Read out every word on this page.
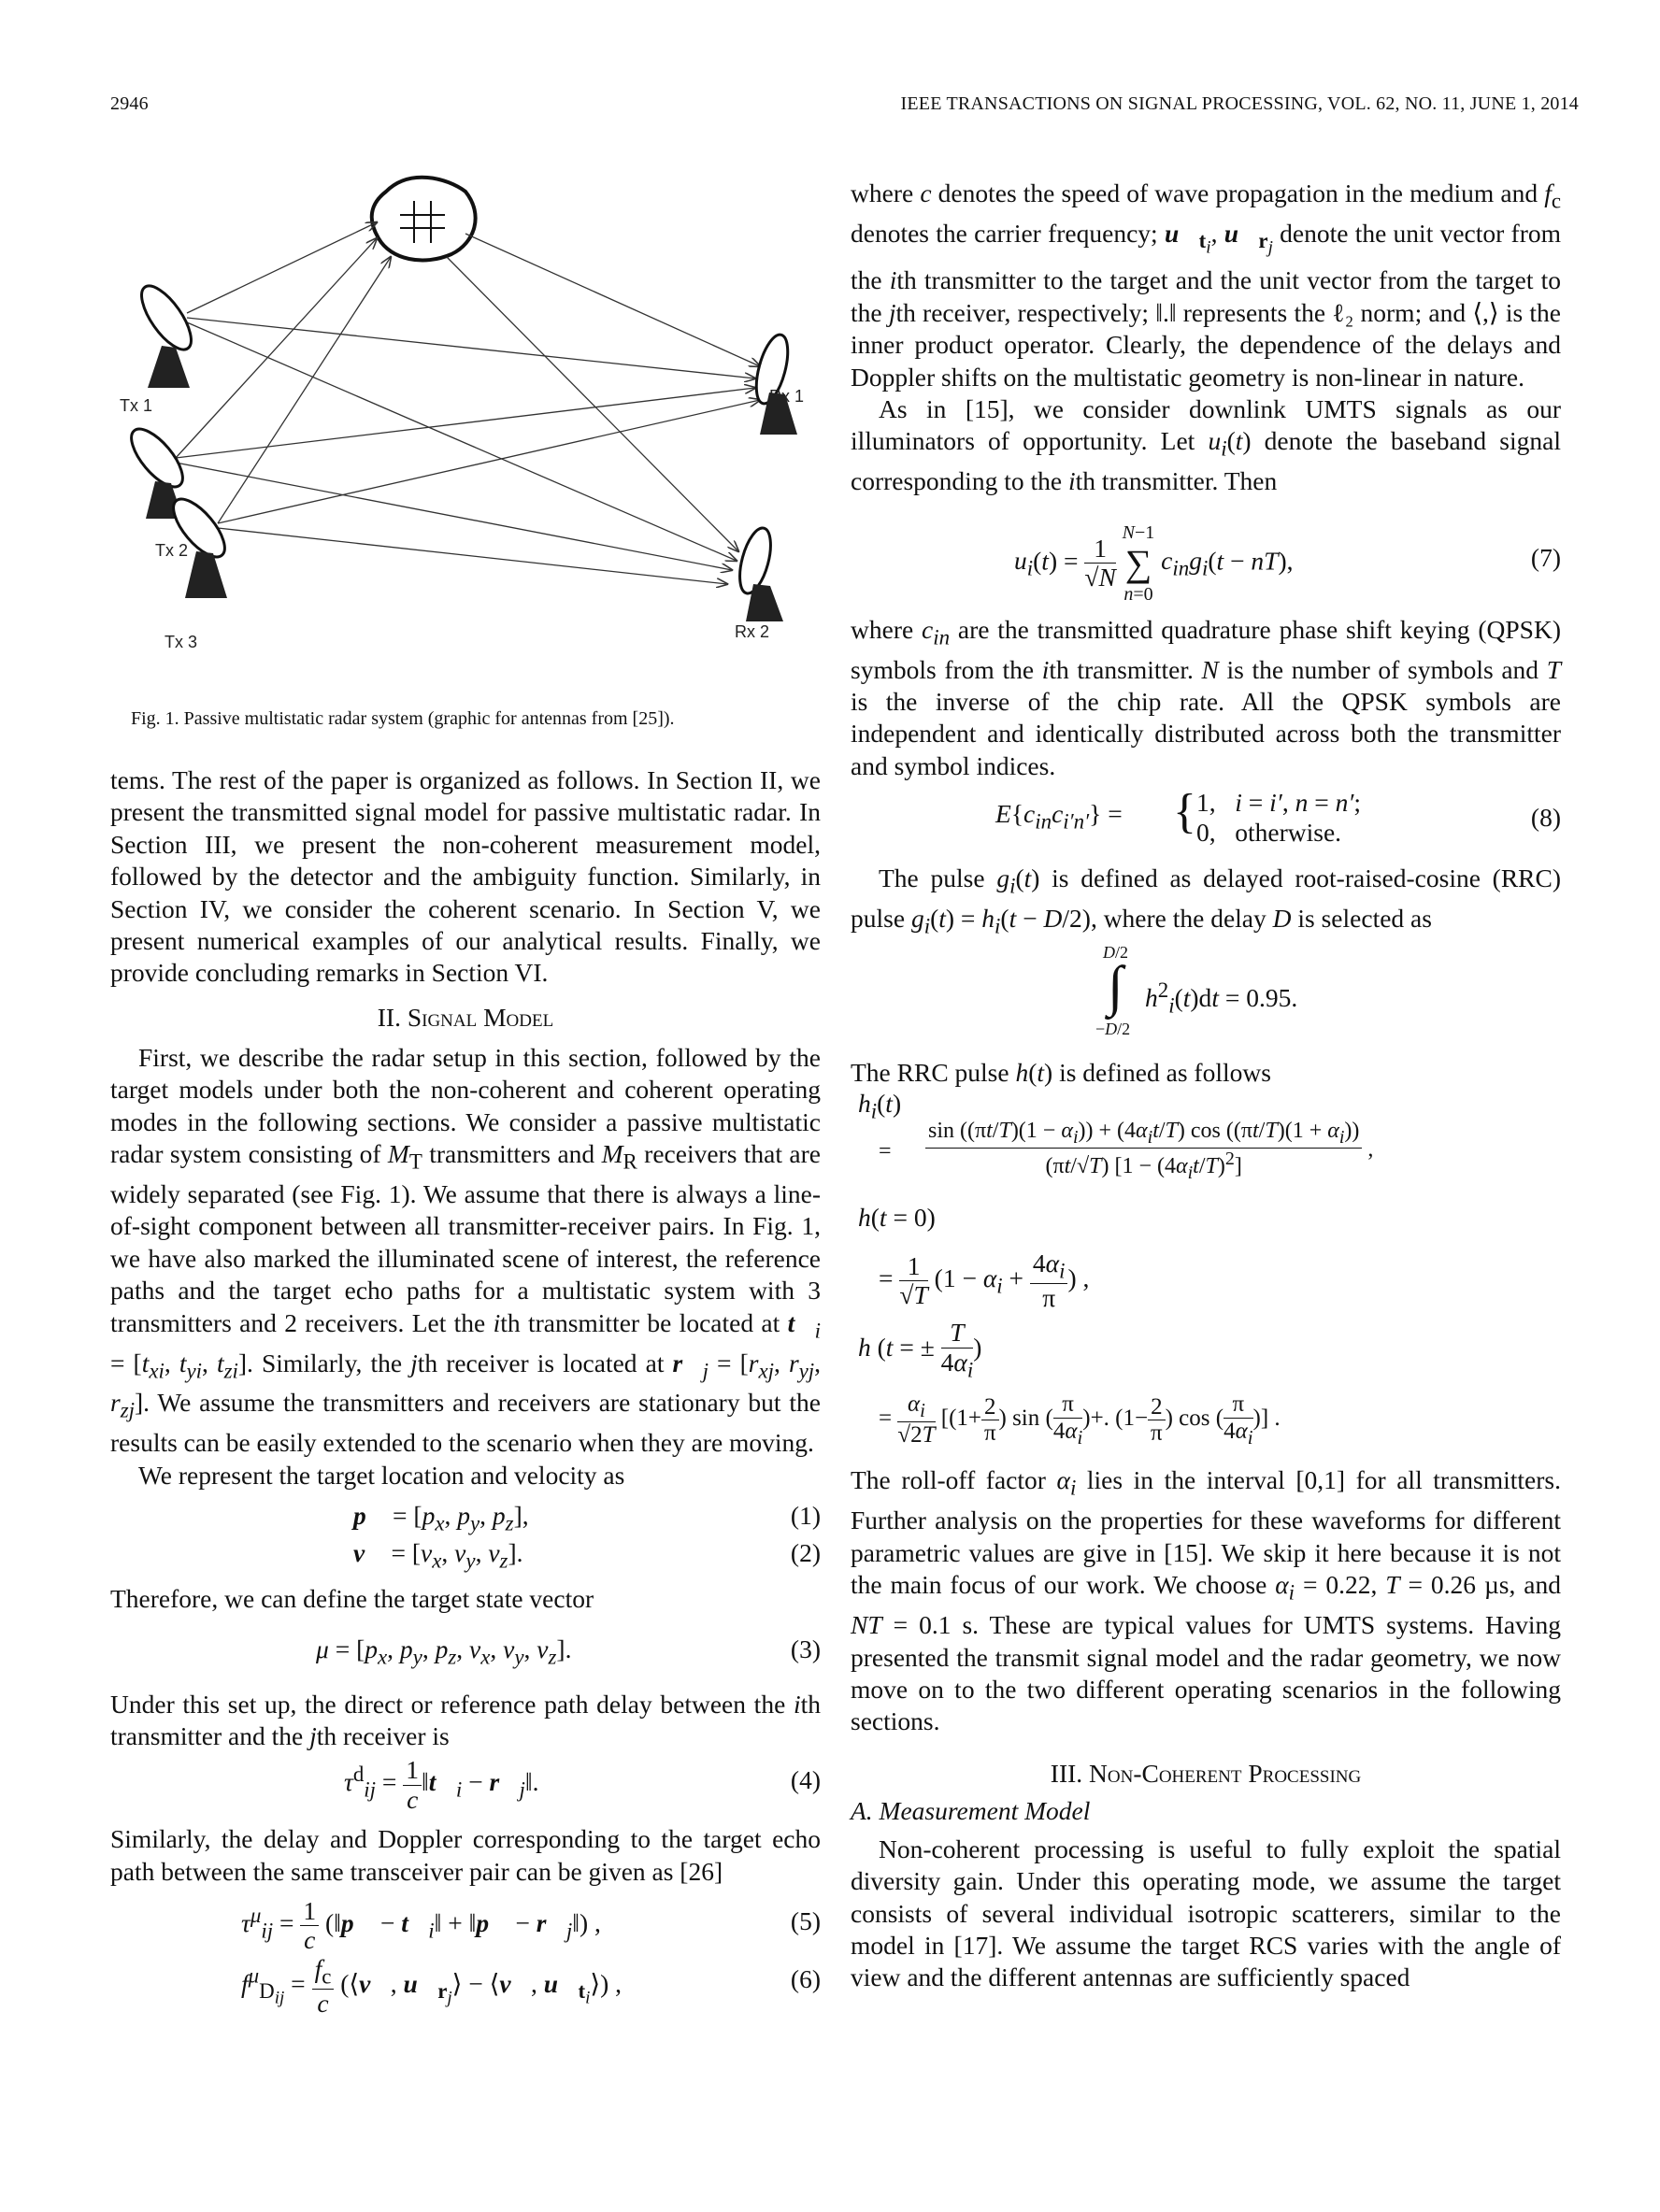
2946	IEEE TRANSACTIONS ON SIGNAL PROCESSING, VOL. 62, NO. 11, JUNE 1, 2014
Tx 1
Tx 2
Tx 3
Rx 1
Rx 2
Fig. 1. Passive multistatic radar system (graphic for antennas from [25]).

tems. The rest of the paper is organized as follows. In Section II, we present the transmitted signal model for passive multistatic radar. In Section III, we present the non-coherent measurement model, followed by the detector and the ambiguity function. Similarly, in Section IV, we consider the coherent scenario. In Section V, we present numerical examples of our analytical results. Finally, we provide concluding remarks in Section VI.

II. Signal Model

First, we describe the radar setup in this section, followed by the target models under both the non-coherent and coherent operating modes in the following sections. We consider a passive multistatic radar system consisting of $M_T$ transmitters and $M_R$ receivers that are widely separated (see Fig. 1). We assume that there is always a line-of-sight component between all transmitter-receiver pairs. In Fig. 1, we have also marked the illuminated scene of interest, the reference paths and the target echo paths for a multistatic system with 3 transmitters and 2 receivers. Let the ith transmitter be located at $t⃗_i = [t_{xi}$, $t_{yi}$, $t_{zi}$]. Similarly, the jth receiver is located at $r⃗_j = [r_{xj}$, $r_{yj}$, $r_{zj}$]. We assume the transmitters and receivers are stationary but the results can be easily extended to the scenario when they are moving.

We represent the target location and velocity as

p⃗ = [$p_x$, $p_y$, $p_z$],	(1)
v⃗ = [$v_x$, $v_y$, $v_z$].	(2)

Therefore, we can define the target state vector

$\mu = [p_x$, $p_y$, $p_z$, $v_x$, $v_y$, $v_z$].	(3)

Under this set up, the direct or reference path delay between the ith transmitter and the jth receiver is

$\tau^d_{ij} = \frac{1}{c}$ $‖t⃗_i$ − $r⃗_j‖$.	(4)

Similarly, the delay and Doppler corresponding to the target echo path between the same transceiver pair can be given as [26]

$\tau^\mu_{ij} = \frac{1}{c}$ (‖p⃗ − $t⃗_i‖$ + ‖p⃗ − $r⃗_j‖$) ,	(5)
$f^\mu_{D_{ij}} = \frac{f_c}{c}$ (⟨v⃗, $u⃗_{r_j}⟩$ − ⟨v⃗, $u⃗_{t_i}⟩$) ,	(6)

where c denotes the speed of wave propagation in the medium and $f_c$ denotes the carrier frequency; $u⃗_{t_i}$, $u⃗_{r_j}$ denote the unit vector from the ith transmitter to the target and the unit vector from the target to the jth receiver, respectively; ‖.‖ represents the ℓ₂ norm; and ⟨,⟩ is the inner product operator. Clearly, the dependence of the delays and Doppler shifts on the multistatic geometry is non-linear in nature.

As in [15], we consider downlink UMTS signals as our illuminators of opportunity. Let $u_i(t)$ denote the baseband signal corresponding to the ith transmitter. Then

$u_i(t) = \frac{1}{√N}$

N−1
∑
n=0
$c_{in}g_i(t - nT)$,	(7)

where $c_{in}$ are the transmitted quadrature phase shift keying (QPSK) symbols from the ith transmitter. N is the number of symbols and T is the inverse of the chip rate. All the QPSK symbols are independent and identically distributed across both the transmitter and symbol indices.

$E\{c_{in}c_{i'n'}\}$ = { 1,   i = i′, n = n′;
0,   otherwise.
(8)

The pulse $g_i(t)$ is defined as delayed root-raised-cosine (RRC) pulse $g_i(t) = h_i(t - D/2)$, where the delay D is selected as

D/2
∫
−D/2
$h^2_i(t)dt = 0.95$.

The RRC pulse h(t) is defined as follows

$h_i(t)$
= $\frac{\sin ((\pi t/T)(1 - \alpha_i)) + (4\alpha_it/T) \cos ((\pi t/T)(1 + \alpha_i))}{(\pi t/√T) [1 - (4\alpha_it/T)^2]}$ ,
h(t = 0)
= $\frac{1}{√T} (1 - \alpha_i + \frac{4\alpha_i}{\pi}$ ) ,
h (t = ± $\frac{T}{4\alpha_i}$ )
= $\frac{\alpha_i}{√2T} [(1+ \frac{2}{\pi}$ ) sin ( $\frac{\pi}{4\alpha_i}$ )+. ($1- \frac{2}{\pi}$ ) cos ( $\frac{\pi}{4\alpha_i}$ )] .

The roll-off factor $\alpha_i$ lies in the interval [0,1] for all transmitters. Further analysis on the properties for these waveforms for different parametric values are give in [15]. We skip it here because it is not the main focus of our work. We choose $\alpha_i = 0.22$, T = 0.26 µs, and NT = 0.1 s. These are typical values for UMTS systems. Having presented the transmit signal model and the radar geometry, we now move on to the two different operating scenarios in the following sections.

III. Non-Coherent Processing

A. Measurement Model

Non-coherent processing is useful to fully exploit the spatial diversity gain. Under this operating mode, we assume the target consists of several individual isotropic scatterers, similar to the model in [17]. We assume the target RCS varies with the angle of view and the different antennas are sufficiently spaced
